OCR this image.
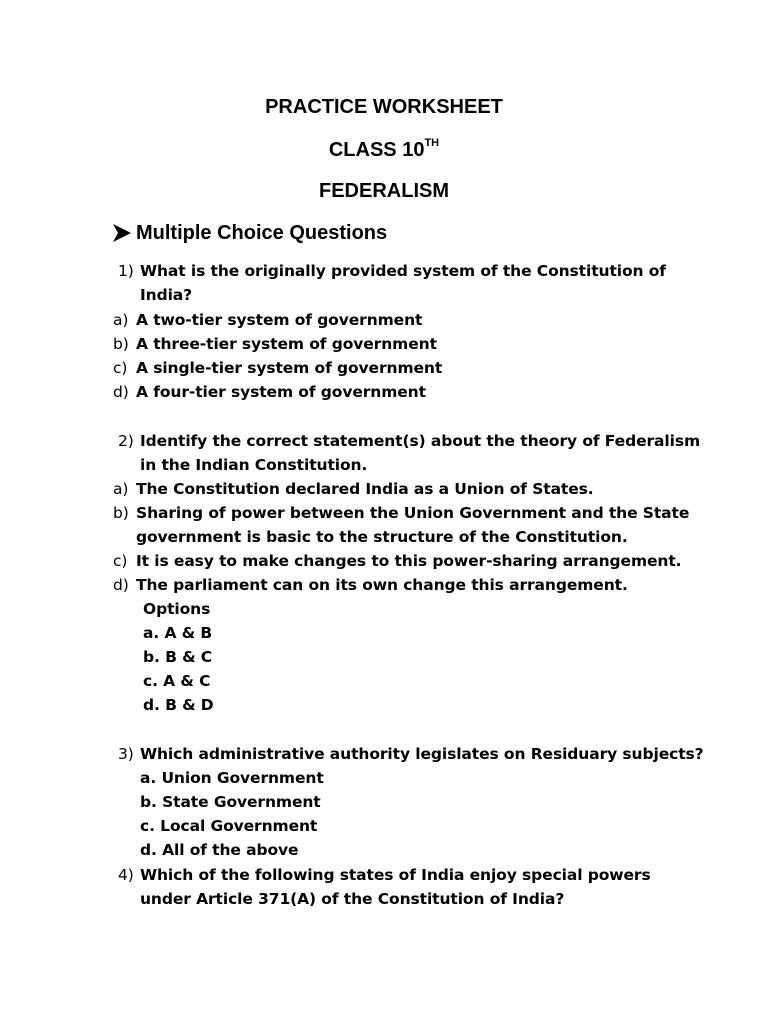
PRACTICE WORKSHEET
CLASS 10TH
FEDERALISM
Multiple Choice Questions
1) What is the originally provided system of the Constitution of
India?
a) A two-tier system of government
b) A three-tier system of government
c) A single-tier system of government
d) A four-tier system of government
2) Identify the correct statement(s) about the theory of Federalism
in the Indian Constitution.
a) The Constitution declared India as a Union of States.
b) Sharing of power between the Union Government and the State
government is basic to the structure of the Constitution.
c) It is easy to make changes to this power-sharing arrangement.
d) The parliament can on its own change this arrangement.
Options
a. A & B
b. B & C
c. A & C
d. B & D
3) Which administrative authority legislates on Residuary subjects?
a. Union Government
b. State Government
c. Local Government
d. All of the above
4) Which of the following states of India enjoy special powers
under Article 371(A) of the Constitution of India?
